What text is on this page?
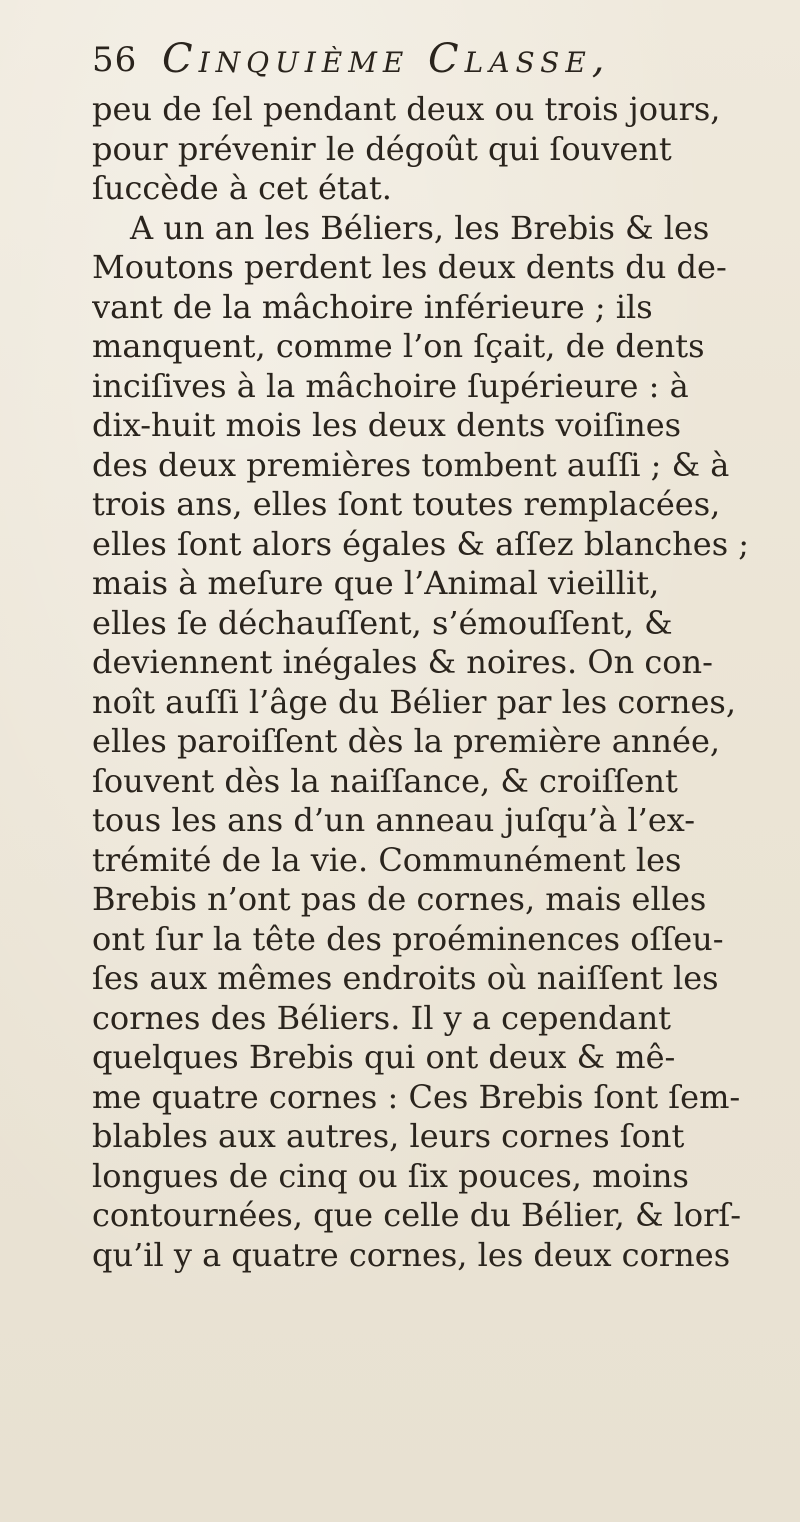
56 Cinquième Classe,
peu de ſel pendant deux ou trois jours,
pour prévenir le dégoût qui ſouvent
ſuccède à cet état.
A un an les Béliers, les Brebis & les
Moutons perdent les deux dents du de-
vant de la mâchoire inférieure ; ils
manquent, comme l’on ſçait, de dents
inciſives à la mâchoire ſupérieure : à
dix-huit mois les deux dents voiſines
des deux premières tombent auſſi ; & à
trois ans, elles ſont toutes remplacées,
elles ſont alors égales & aſſez blanches ;
mais à meſure que l’Animal vieillit,
elles ſe déchauſſent, s’émouſſent, &
deviennent inégales & noires. On con-
noît auſſi l’âge du Bélier par les cornes,
elles paroiſſent dès la première année,
ſouvent dès la naiſſance, & croiſſent
tous les ans d’un anneau juſqu’à l’ex-
trémité de la vie. Communément les
Brebis n’ont pas de cornes, mais elles
ont ſur la tête des proéminences oſſeu-
ſes aux mêmes endroits où naiſſent les
cornes des Béliers. Il y a cependant
quelques Brebis qui ont deux & mê-
me quatre cornes : Ces Brebis ſont ſem-
blables aux autres, leurs cornes ſont
longues de cinq ou ſix pouces, moins
contournées, que celle du Bélier, & lorſ-
qu’il y a quatre cornes, les deux cornes
